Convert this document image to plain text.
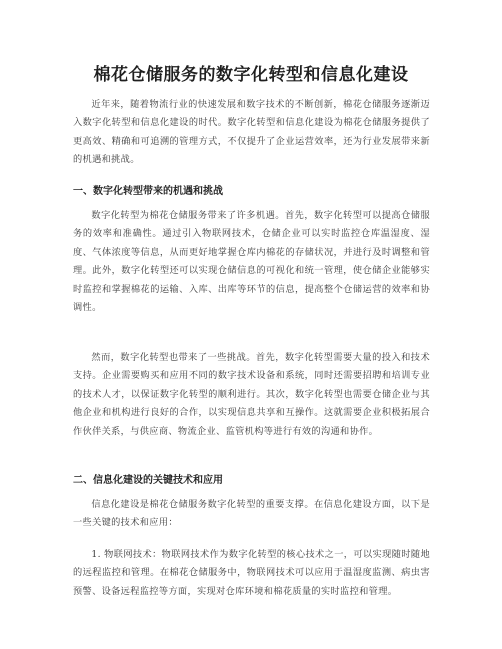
棉花仓储服务的数字化转型和信息化建设

近年来，随着物流行业的快速发展和数字技术的不断创新，棉花仓储服务逐渐迈入数字化转型和信息化建设的时代。数字化转型和信息化建设为棉花仓储服务提供了更高效、精确和可追溯的管理方式，不仅提升了企业运营效率，还为行业发展带来新的机遇和挑战。

一、数字化转型带来的机遇和挑战

数字化转型为棉花仓储服务带来了许多机遇。首先，数字化转型可以提高仓储服务的效率和准确性。通过引入物联网技术，仓储企业可以实时监控仓库温湿度、湿度、气体浓度等信息，从而更好地掌握仓库内棉花的存储状况，并进行及时调整和管理。此外，数字化转型还可以实现仓储信息的可视化和统一管理，使仓储企业能够实时监控和掌握棉花的运输、入库、出库等环节的信息，提高整个仓储运营的效率和协调性。

然而，数字化转型也带来了一些挑战。首先，数字化转型需要大量的投入和技术支持。企业需要购买和应用不同的数字技术设备和系统，同时还需要招聘和培训专业的技术人才，以保证数字化转型的顺利进行。其次，数字化转型也需要仓储企业与其他企业和机构进行良好的合作，以实现信息共享和互操作。这就需要企业积极拓展合作伙伴关系，与供应商、物流企业、监管机构等进行有效的沟通和协作。

二、信息化建设的关键技术和应用

信息化建设是棉花仓储服务数字化转型的重要支撑。在信息化建设方面，以下是一些关键的技术和应用：

1. 物联网技术：物联网技术作为数字化转型的核心技术之一，可以实现随时随地的远程监控和管理。在棉花仓储服务中，物联网技术可以应用于温湿度监测、病虫害预警、设备远程监控等方面，实现对仓库环境和棉花质量的实时监控和管理。
